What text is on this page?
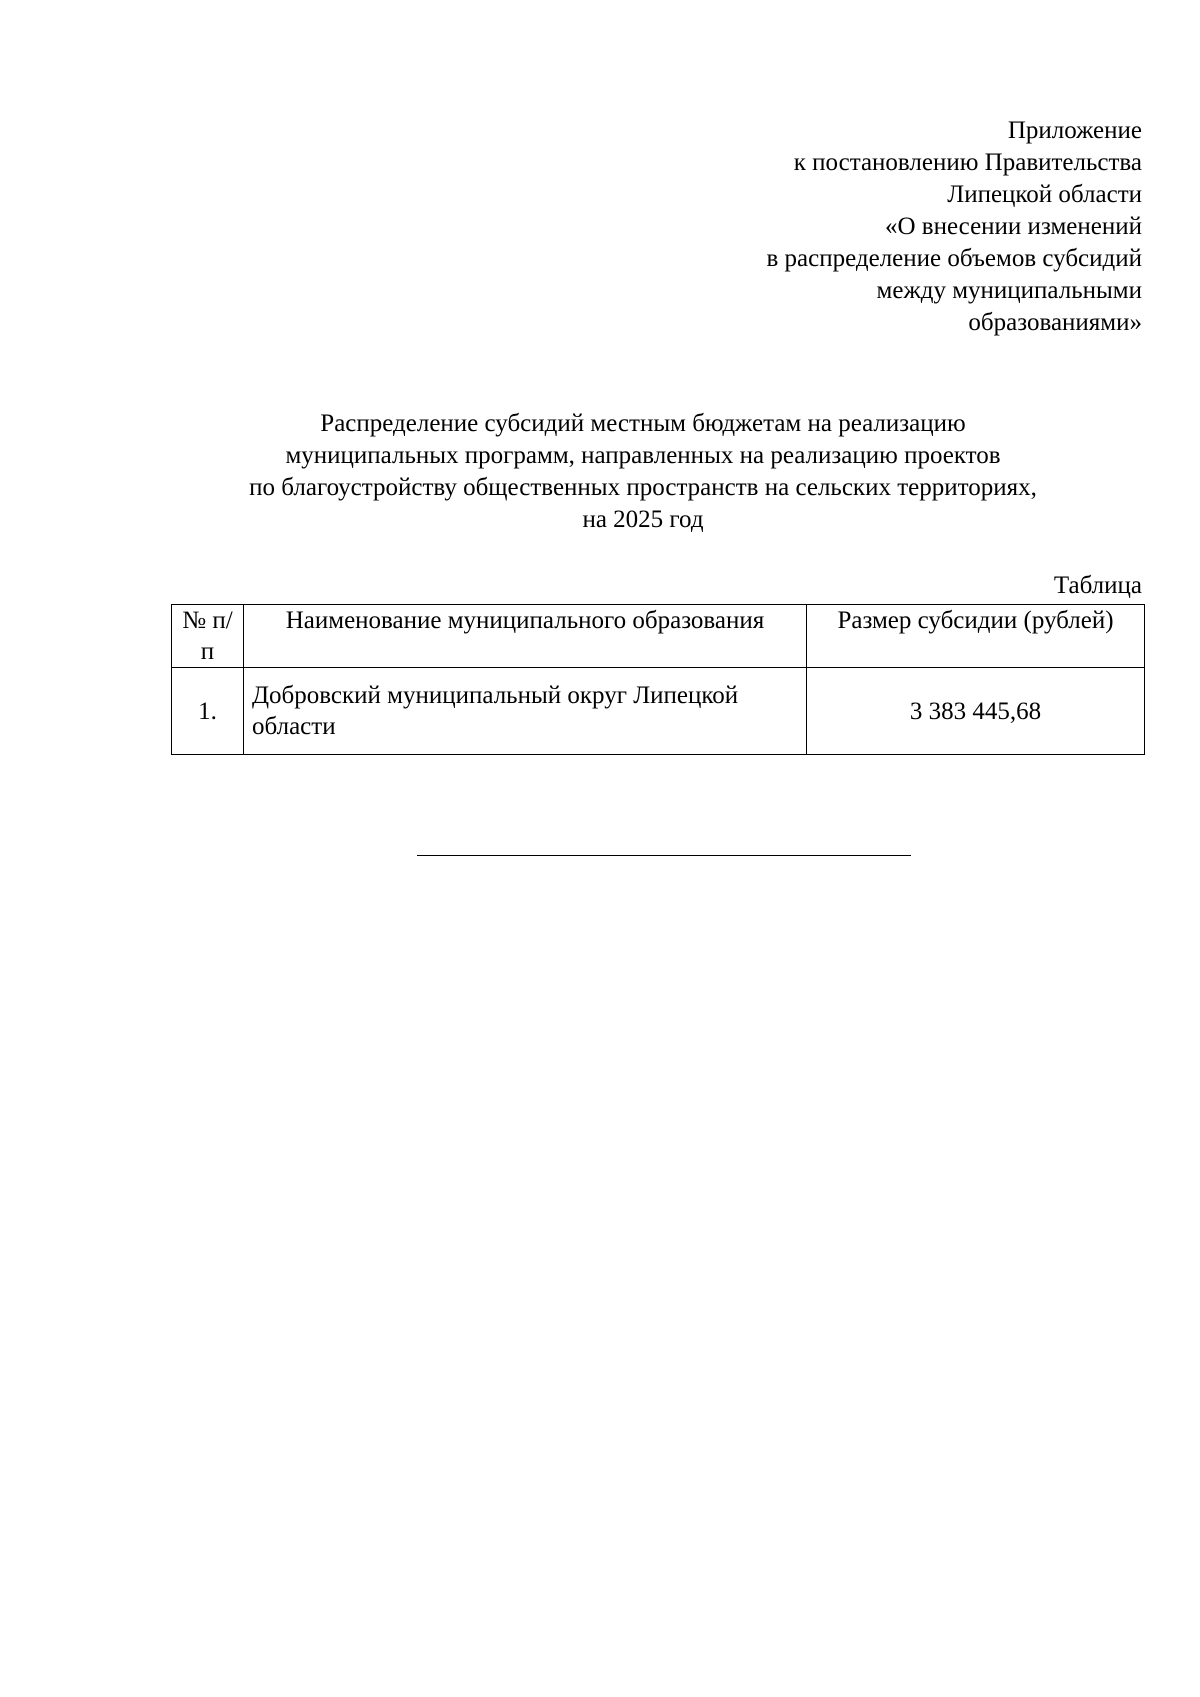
Приложение
к постановлению Правительства
Липецкой области
«О внесении изменений
в распределение объемов субсидий
между муниципальными
образованиями»
Распределение субсидий местным бюджетам на реализацию
муниципальных программ, направленных на реализацию проектов
по благоустройству общественных пространств на сельских территориях,
на 2025 год
Таблица
№ п/п	Наименование муниципального образования	Размер субсидии (рублей)
1.	Добровский муниципальный округ Липецкой области	3 383 445,68
